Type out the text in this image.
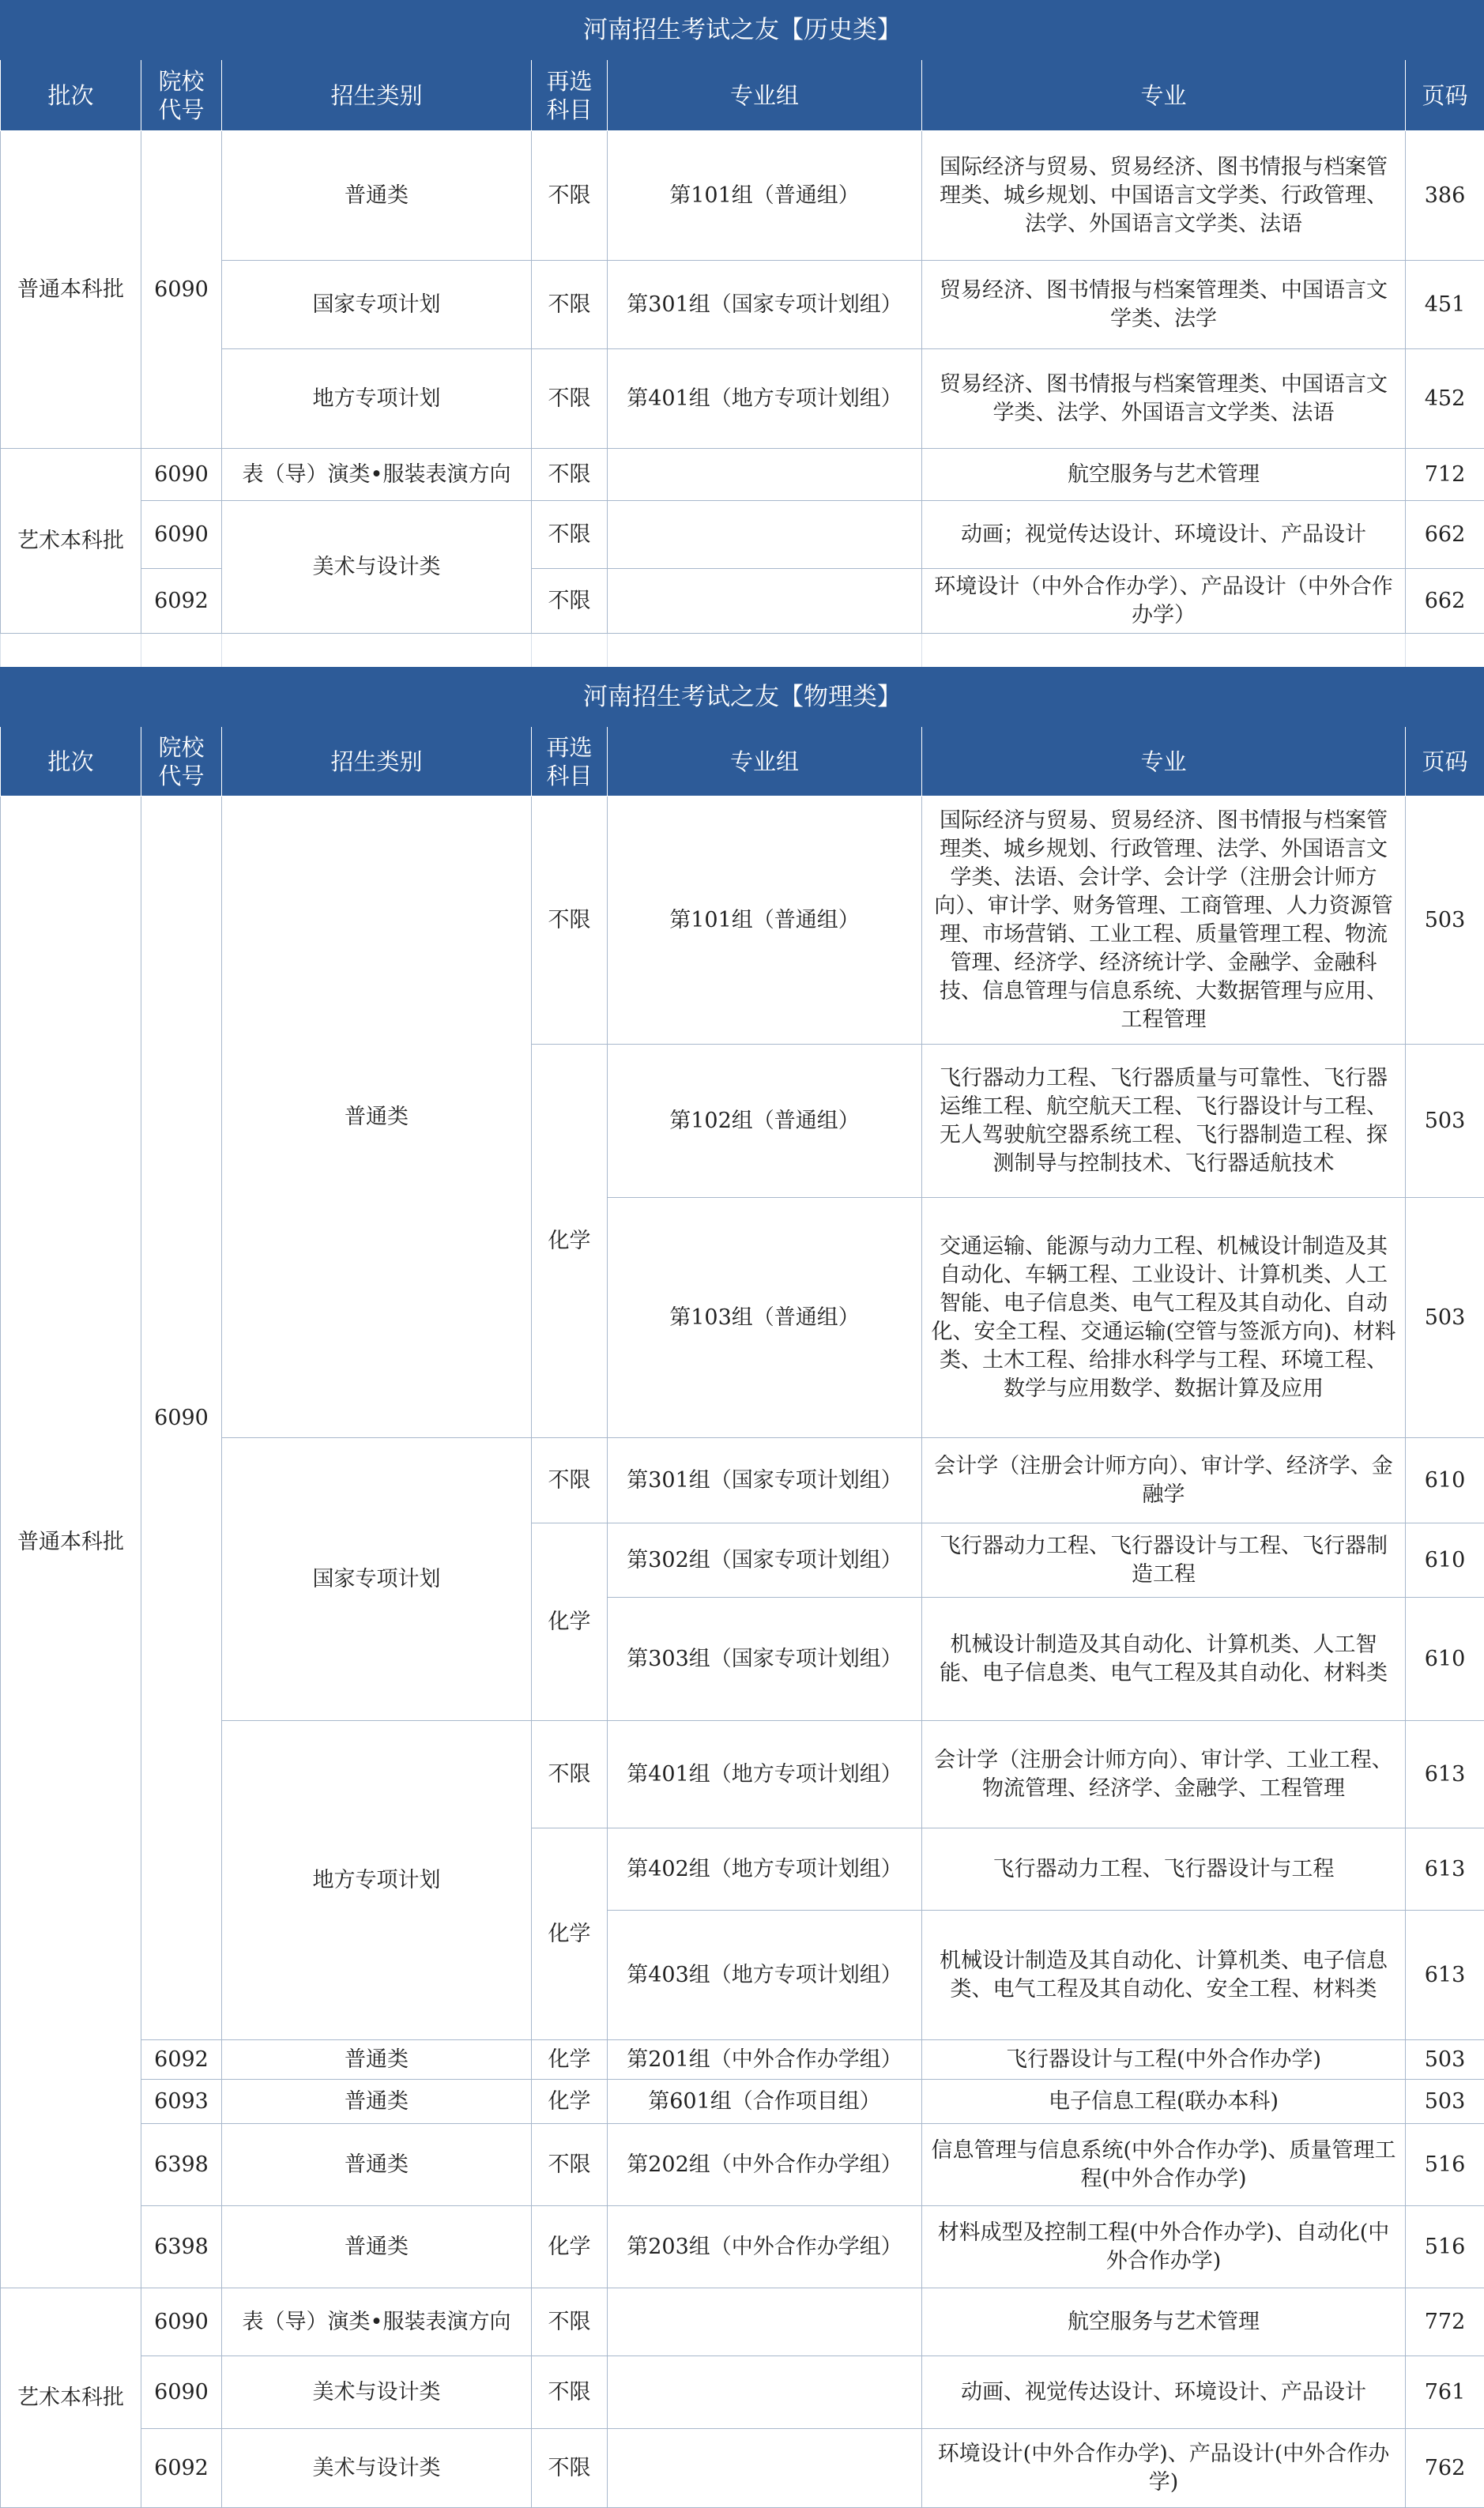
河南招生考试之友【历史类】						
批次	院校代号	招生类别	再选科目	专业组	专业	页码
普通本科批	6090	普通类	不限	第101组（普通组）	国际经济与贸易、贸易经济、图书情报与档案管理类、城乡规划、中国语言文学类、行政管理、法学、外国语言文学类、法语	386
		国家专项计划	不限	第301组（国家专项计划组）	贸易经济、图书情报与档案管理类、中国语言文学类、法学	451
		地方专项计划	不限	第401组（地方专项计划组）	贸易经济、图书情报与档案管理类、中国语言文学类、法学、外国语言文学类、法语	452
艺术本科批	6090	表（导）演类•服装表演方向	不限		航空服务与艺术管理	712
	6090	美术与设计类	不限		动画；视觉传达设计、环境设计、产品设计	662
	6092		不限		环境设计（中外合作办学）、产品设计（中外合作办学）	662

河南招生考试之友【物理类】						
批次	院校代号	招生类别	再选科目	专业组	专业	页码
普通本科批	6090	普通类	不限	第101组（普通组）	国际经济与贸易、贸易经济、图书情报与档案管理类、城乡规划、行政管理、法学、外国语言文学类、法语、会计学、会计学（注册会计师方向）、审计学、财务管理、工商管理、人力资源管理、市场营销、工业工程、质量管理工程、物流管理、经济学、经济统计学、金融学、金融科技、信息管理与信息系统、大数据管理与应用、工程管理	503
			化学	第102组（普通组）	飞行器动力工程、飞行器质量与可靠性、飞行器运维工程、航空航天工程、飞行器设计与工程、无人驾驶航空器系统工程、飞行器制造工程、探测制导与控制技术、飞行器适航技术	503
				第103组（普通组）	交通运输、能源与动力工程、机械设计制造及其自动化、车辆工程、工业设计、计算机类、人工智能、电子信息类、电气工程及其自动化、自动化、安全工程、交通运输(空管与签派方向)、材料类、土木工程、给排水科学与工程、环境工程、数学与应用数学、数据计算及应用	503
		国家专项计划	不限	第301组（国家专项计划组）	会计学（注册会计师方向）、审计学、经济学、金融学	610
			化学	第302组（国家专项计划组）	飞行器动力工程、飞行器设计与工程、飞行器制造工程	610
				第303组（国家专项计划组）	机械设计制造及其自动化、计算机类、人工智能、电子信息类、电气工程及其自动化、材料类	610
		地方专项计划	不限	第401组（地方专项计划组）	会计学（注册会计师方向）、审计学、工业工程、物流管理、经济学、金融学、工程管理	613
			化学	第402组（地方专项计划组）	飞行器动力工程、飞行器设计与工程	613
				第403组（地方专项计划组）	机械设计制造及其自动化、计算机类、电子信息类、电气工程及其自动化、安全工程、材料类	613
	6092	普通类	化学	第201组（中外合作办学组）	飞行器设计与工程(中外合作办学)	503
	6093	普通类	化学	第601组（合作项目组）	电子信息工程(联办本科)	503
	6398	普通类	不限	第202组（中外合作办学组）	信息管理与信息系统(中外合作办学)、质量管理工程(中外合作办学)	516
	6398	普通类	化学	第203组（中外合作办学组）	材料成型及控制工程(中外合作办学)、自动化(中外合作办学)	516
艺术本科批	6090	表（导）演类•服装表演方向	不限		航空服务与艺术管理	772
	6090	美术与设计类	不限		动画、视觉传达设计、环境设计、产品设计	761
	6092	美术与设计类	不限		环境设计(中外合作办学)、产品设计(中外合作办学)	762
